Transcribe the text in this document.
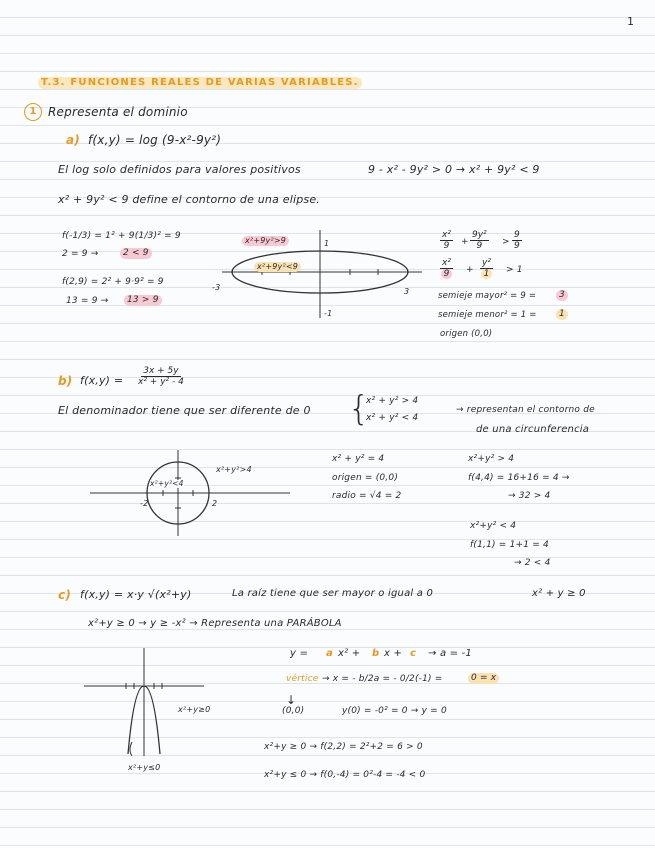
1
T.3. FUNCIONES REALES DE VARIAS VARIABLES.
1 Representa el dominio
a) f(x,y) = log (9-x²-9y²)
El log solo definidos para valores positivos	9 - x² - 9y² > 0 → x² + 9y² < 9
x² + 9y² < 9 define el contorno de una elipse.
f(-1/3) = 1² + 9(1/3)² = 9
2 = 9 →	2 < 9
f(2,9) = 2² + 9·9² = 9
13 = 9 →	13 > 9
x²+9y²>9
x²+9y²<9
-3	3
1
-1
$\frac{\text{x²}}{9} + \frac{\text{9y²}}{9} > \frac{9}{9}$
$\frac{\text{x²}}{9} + \frac{\text{y²}}{1} > 1$
semieje mayor² = 9 =	3
semieje menor² = 1 =	1
origen (0,0)
b) $f(x,y) = \frac{3x + 5y}{\text{x² + y² - 4}}$
El denominador tiene que ser diferente de 0 {
x² + y² > 4
x² + y² < 4
→ representan el contorno de
de una circunferencia
x²+y²<4
x²+y²>4
-2	2
x² + y² = 4
origen = (0,0)
radio = √4 = 2
x²+y² > 4
f(4,4) = 16+16 = 4 →
→ 32 > 4
x²+y² < 4
f(1,1) = 1+1 = 4
→ 2 < 4
c) f(x,y) = x·y √(x²+y)	La raíz tiene que ser mayor o igual a 0	x² + y ≥ 0
x²+y ≥ 0 → y ≥ -x² → Representa una PARÁBOLA
y = a x² + b x + c → a = -1
vértice → x = - b/2a = - 0/2(-1) =	0 = x
↓
(0,0)	y(0) = -0² = 0 → y = 0
x²+y≥0
x²+y≤0
x²+y ≥ 0 → f(2,2) = 2²+2 = 6 > 0
x²+y ≤ 0 → f(0,-4) = 0²-4 = -4 < 0
